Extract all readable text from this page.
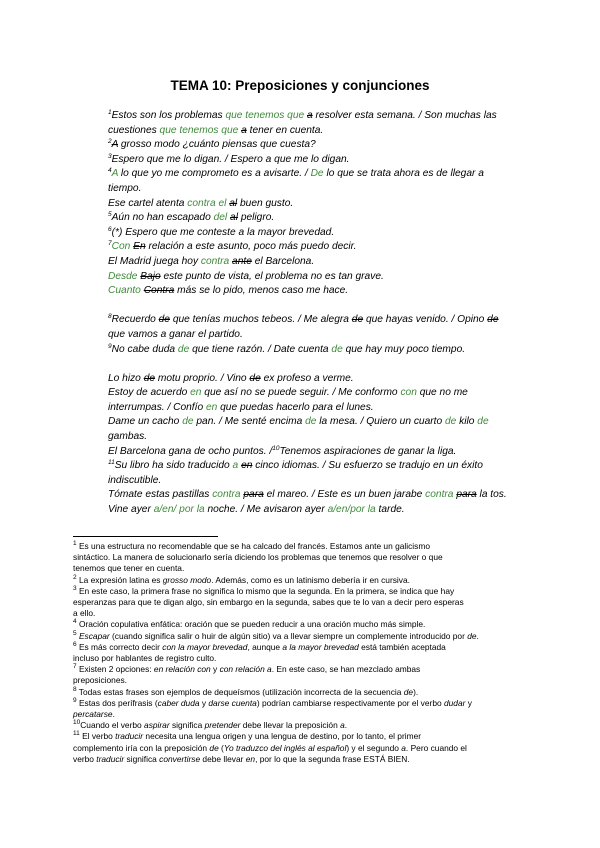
TEMA 10: Preposiciones y conjunciones
$^1$Estos son los problemas que tenemos que a resolver esta semana. / Son muchas las
cuestiones que tenemos que a tener en cuenta.
$^2$A grosso modo ¿cuánto piensas que cuesta?
$^3$Espero que me lo digan. / Espero a que me lo digan.
$^4$A lo que yo me comprometo es a avisarte. / De lo que se trata ahora es de llegar a
tiempo.
Ese cartel atenta contra el al buen gusto.
$^5$Aún no han escapado del al peligro.
$^6$(*) Espero que me conteste a la mayor brevedad.
$^7$Con En relación a este asunto, poco más puedo decir.
El Madrid juega hoy contra ante el Barcelona.
Desde Bajo este punto de vista, el problema no es tan grave.
Cuanto Contra más se lo pido, menos caso me hace.
$^8$Recuerdo de que tenías muchos tebeos. / Me alegra de que hayas venido. / Opino de
que vamos a ganar el partido.
$^9$No cabe duda de que tiene razón. / Date cuenta de que hay muy poco tiempo.
Lo hizo de motu proprio. / Vino de ex profeso a verme.
Estoy de acuerdo en que así no se puede seguir. / Me conformo con que no me
interrumpas. / Confío en que puedas hacerlo para el lunes.
Dame un cacho de pan. / Me senté encima de la mesa. / Quiero un cuarto de kilo de
gambas.
El Barcelona gana de ocho puntos. /$^{10}$Tenemos aspiraciones de ganar la liga.
$^{11}$Su libro ha sido traducido a en cinco idiomas. / Su esfuerzo se tradujo en un éxito
indiscutible.
Tómate estas pastillas contra para el mareo. / Este es un buen jarabe contra para la tos.
Vine ayer a/en/ por la noche. / Me avisaron ayer a/en/por la tarde.
$^1$ Es una estructura no recomendable que se ha calcado del francés. Estamos ante un galicismo
sintáctico. La manera de solucionarlo sería diciendo los problemas que tenemos que resolver o que
tenemos que tener en cuenta.
$^2$ La expresión latina es grosso modo. Además, como es un latinismo debería ir en cursiva.
$^3$ En este caso, la primera frase no significa lo mismo que la segunda. En la primera, se indica que hay
esperanzas para que te digan algo, sin embargo en la segunda, sabes que te lo van a decir pero esperas
a ello.
$^4$ Oración copulativa enfática: oración que se pueden reducir a una oración mucho más simple.
$^5$ Escapar (cuando significa salir o huir de algún sitio) va a llevar siempre un complemente introducido por de.
$^6$ Es más correcto decir con la mayor brevedad, aunque a la mayor brevedad está también aceptada
incluso por hablantes de registro culto.
$^7$ Existen 2 opciones: en relación con y con relación a. En este caso, se han mezclado ambas
preposiciones.
$^8$ Todas estas frases son ejemplos de dequeísmos (utilización incorrecta de la secuencia de).
$^9$ Estas dos perífrasis (caber duda y darse cuenta) podrían cambiarse respectivamente por el verbo dudar y
percatarse.
$^{10}$Cuando el verbo aspirar significa pretender debe llevar la preposición a.
$^{11}$ El verbo traducir necesita una lengua origen y una lengua de destino, por lo tanto, el primer
complemento iría con la preposición de (Yo traduzco del inglés al español) y el segundo a. Pero cuando el
verbo traducir significa convertirse debe llevar en, por lo que la segunda frase ESTÁ BIEN.
